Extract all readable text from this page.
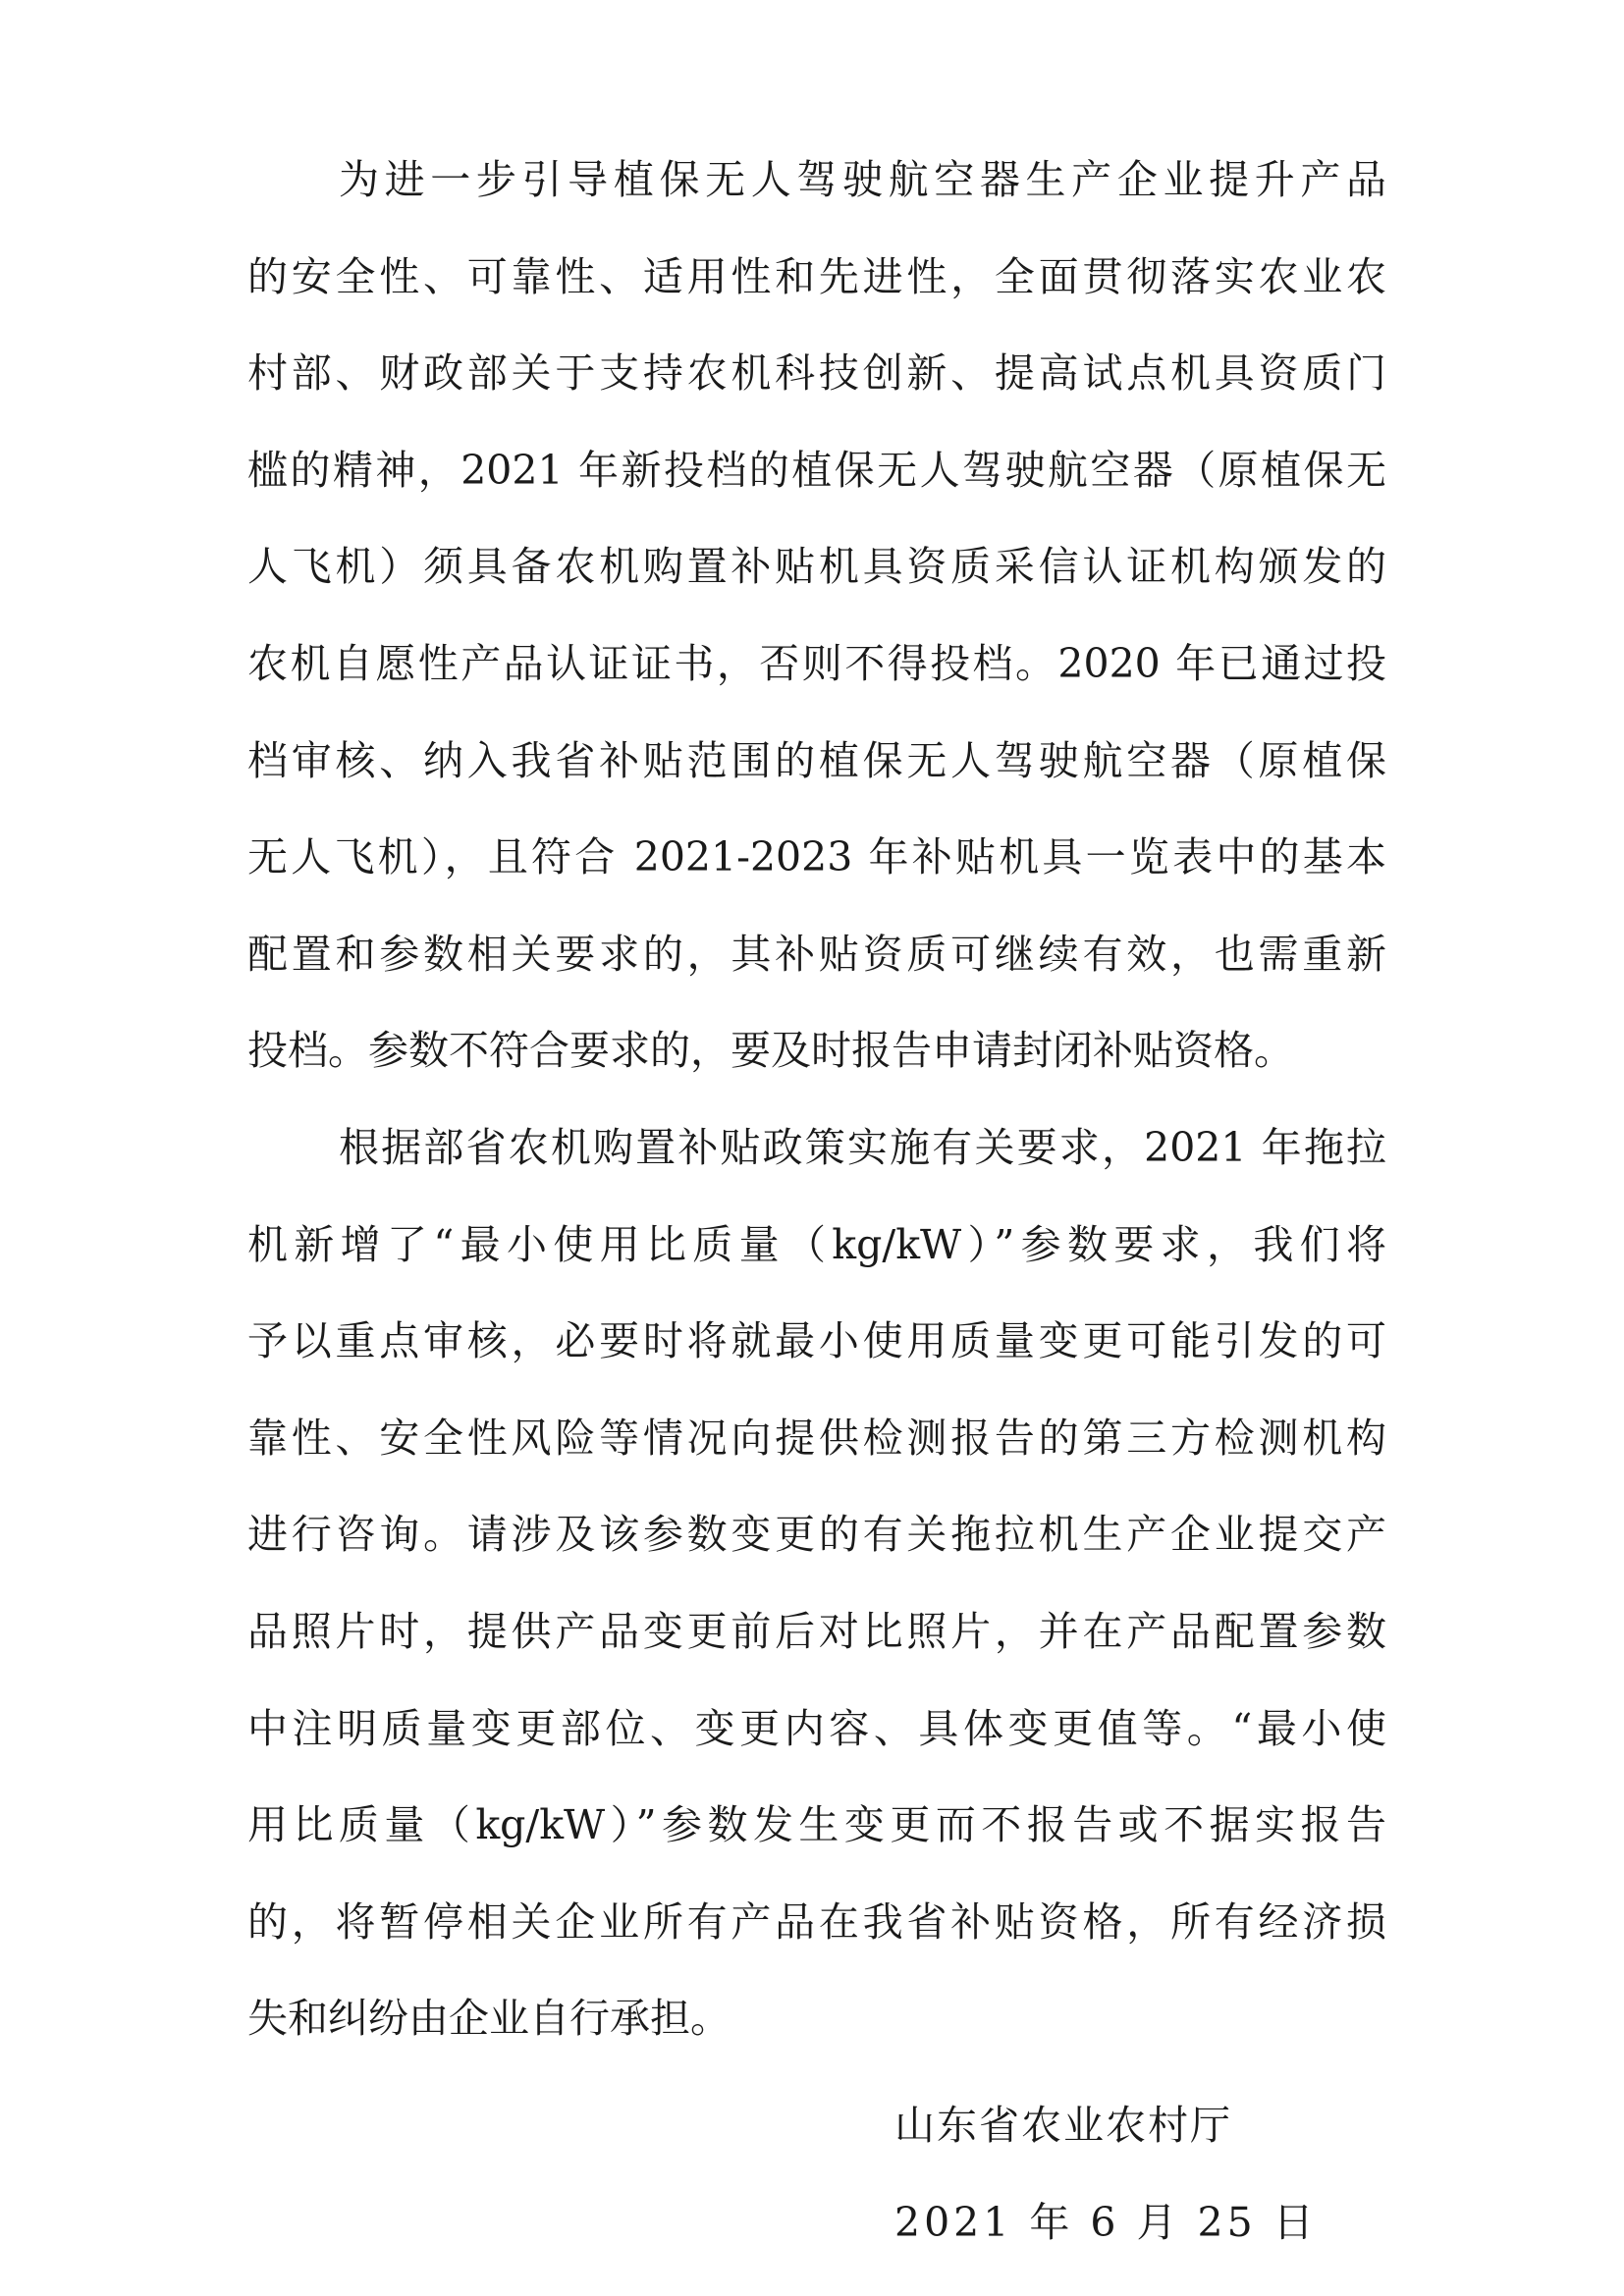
为进一步引导植保无人驾驶航空器生产企业提升产品
的安全性、可靠性、适用性和先进性，全面贯彻落实农业农
村部、财政部关于支持农机科技创新、提高试点机具资质门
槛的精神，2021 年新投档的植保无人驾驶航空器（原植保无
人飞机）须具备农机购置补贴机具资质采信认证机构颁发的
农机自愿性产品认证证书，否则不得投档。2020 年已通过投
档审核、纳入我省补贴范围的植保无人驾驶航空器（原植保
无人飞机），且符合 2021-2023 年补贴机具一览表中的基本
配置和参数相关要求的，其补贴资质可继续有效，也需重新
投档。参数不符合要求的，要及时报告申请封闭补贴资格。
根据部省农机购置补贴政策实施有关要求，2021 年拖拉
机新增了“最小使用比质量（kg/kW）”参数要求，我们将
予以重点审核，必要时将就最小使用质量变更可能引发的可
靠性、安全性风险等情况向提供检测报告的第三方检测机构
进行咨询。请涉及该参数变更的有关拖拉机生产企业提交产
品照片时，提供产品变更前后对比照片，并在产品配置参数
中注明质量变更部位、变更内容、具体变更值等。“最小使
用比质量（kg/kW）”参数发生变更而不报告或不据实报告
的，将暂停相关企业所有产品在我省补贴资格，所有经济损
失和纠纷由企业自行承担。
山东省农业农村厅
2021 年 6 月 25 日
